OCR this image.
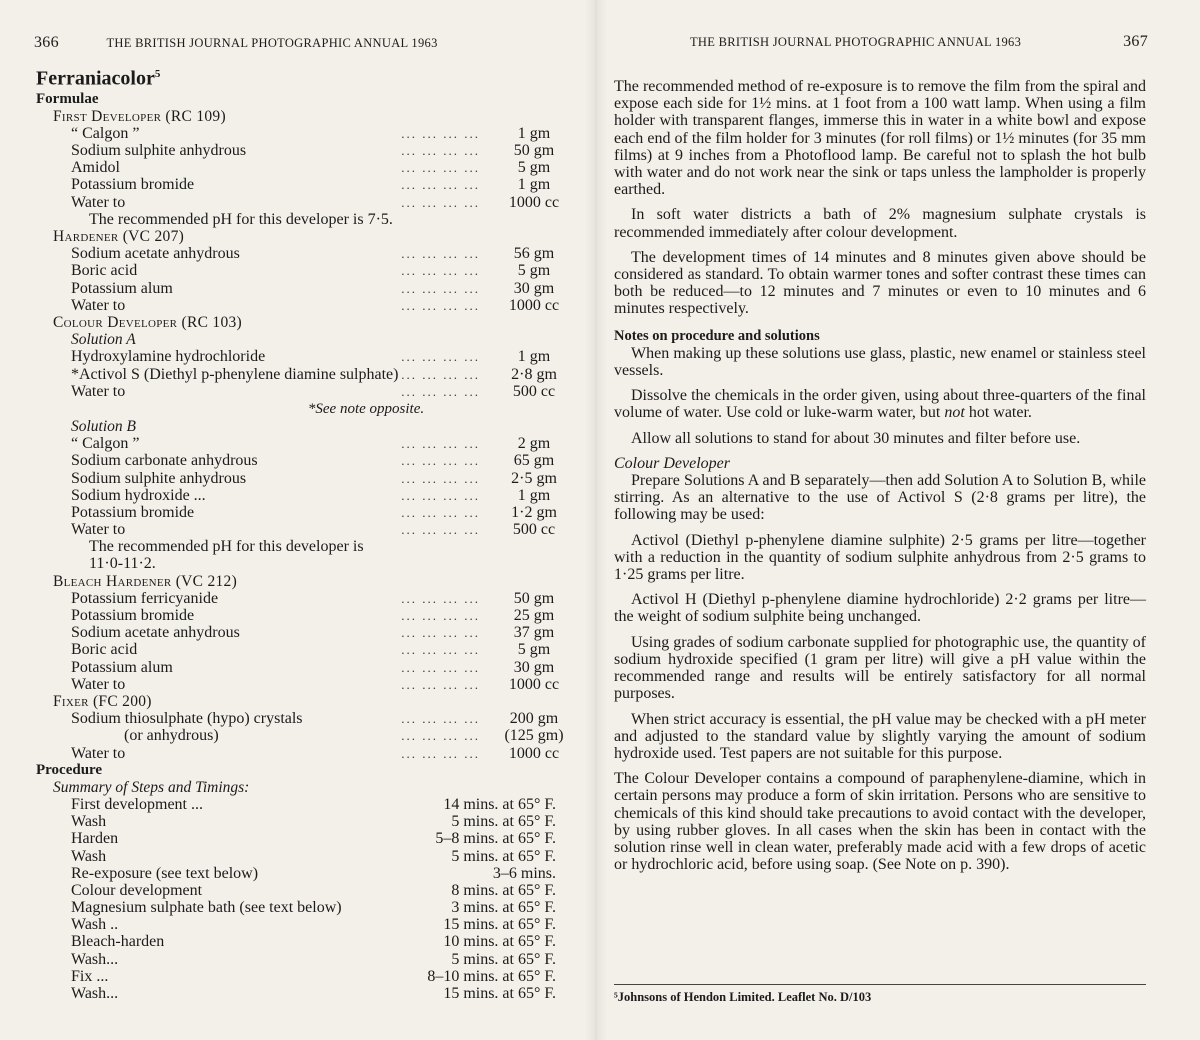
366	THE BRITISH JOURNAL PHOTOGRAPHIC ANNUAL 1963
Ferraniacolor$^5$
Formulae
First Developer (RC 109)
“ Calgon ”	... ... ... ...	1 gm
Sodium sulphite anhydrous	... ... ... ...	50 gm
Amidol	... ... ... ...	5 gm
Potassium bromide	... ... ... ...	1 gm
Water to	... ... ... ...	1000 cc
The recommended pH for this developer is 7·5.
Hardener (VC 207)
Sodium acetate anhydrous	... ... ... ...	56 gm
Boric acid	... ... ... ...	5 gm
Potassium alum	... ... ... ...	30 gm
Water to	... ... ... ...	1000 cc
Colour Developer (RC 103)
Solution A
Hydroxylamine hydrochloride	... ... ... ...	1 gm
*Activol S (Diethyl p-phenylene diamine sulphate) ... ... ... ...	2·8 gm
Water to	... ... ... ...	500 cc
*See note opposite.
Solution B
“ Calgon ”	... ... ... ...	2 gm
Sodium carbonate anhydrous	... ... ... ...	65 gm
Sodium sulphite anhydrous	... ... ... ...	2·5 gm
Sodium hydroxide ...	... ... ... ...	1 gm
Potassium bromide	... ... ... ...	1·2 gm
Water to	... ... ... ...	500 cc
The recommended pH for this developer is
11·0-11·2.
Bleach Hardener (VC 212)
Potassium ferricyanide	... ... ... ...	50 gm
Potassium bromide	... ... ... ...	25 gm
Sodium acetate anhydrous	... ... ... ...	37 gm
Boric acid	... ... ... ...	5 gm
Potassium alum	... ... ... ...	30 gm
Water to	... ... ... ...	1000 cc
Fixer (FC 200)
Sodium thiosulphate (hypo) crystals	... ... ... ...	200 gm
(or anhydrous)	... ... ... ...	(125 gm)
Water to	... ... ... ...	1000 cc
Procedure
Summary of Steps and Timings:
First development ...	14 mins. at 65° F.
Wash	5 mins. at 65° F.
Harden	5–8 mins. at 65° F.
Wash	5 mins. at 65° F.
Re-exposure (see text below)	3–6 mins.
Colour development	8 mins. at 65° F.
Magnesium sulphate bath (see text below)	3 mins. at 65° F.
Wash ..	15 mins. at 65° F.
Bleach-harden	10 mins. at 65° F.
Wash...	5 mins. at 65° F.
Fix ...	8–10 mins. at 65° F.
Wash...	15 mins. at 65° F.
THE BRITISH JOURNAL PHOTOGRAPHIC ANNUAL 1963	367

The recommended method of re-exposure is to remove the film from the spiral and expose each side for 1½ mins. at 1 foot from a 100 watt lamp. When using a film holder with transparent flanges, immerse this in water in a white bowl and expose each end of the film holder for 3 minutes (for roll films) or 1½ minutes (for 35 mm films) at 9 inches from a Photoflood lamp. Be careful not to splash the hot bulb with water and do not work near the sink or taps unless the lampholder is properly earthed.

In soft water districts a bath of 2% magnesium sulphate crystals is recommended immediately after colour development.

The development times of 14 minutes and 8 minutes given above should be considered as standard. To obtain warmer tones and softer contrast these times can both be reduced—to 12 minutes and 7 minutes or even to 10 minutes and 6 minutes respectively.

Notes on procedure and solutions

When making up these solutions use glass, plastic, new enamel or stainless steel vessels.

Dissolve the chemicals in the order given, using about three-quarters of the final volume of water. Use cold or luke-warm water, but not hot water.

Allow all solutions to stand for about 30 minutes and filter before use.

Colour Developer

Prepare Solutions A and B separately—then add Solution A to Solution B, while stirring. As an alternative to the use of Activol S (2·8 grams per litre), the following may be used:

Activol (Diethyl p-phenylene diamine sulphite) 2·5 grams per litre—together with a reduction in the quantity of sodium sulphite anhydrous from 2·5 grams to 1·25 grams per litre.

Activol H (Diethyl p-phenylene diamine hydrochloride) 2·2 grams per litre—the weight of sodium sulphite being unchanged.

Using grades of sodium carbonate supplied for photographic use, the quantity of sodium hydroxide specified (1 gram per litre) will give a pH value within the recommended range and results will be entirely satisfactory for all normal purposes.

When strict accuracy is essential, the pH value may be checked with a pH meter and adjusted to the standard value by slightly varying the amount of sodium hydroxide used. Test papers are not suitable for this purpose.

The Colour Developer contains a compound of paraphenylene-diamine, which in certain persons may produce a form of skin irritation. Persons who are sensitive to chemicals of this kind should take precautions to avoid contact with the developer, by using rubber gloves. In all cases when the skin has been in contact with the solution rinse well in clean water, preferably made acid with a few drops of acetic or hydrochloric acid, before using soap. (See Note on p. 390).

⁵Johnsons of Hendon Limited. Leaflet No. D/103
